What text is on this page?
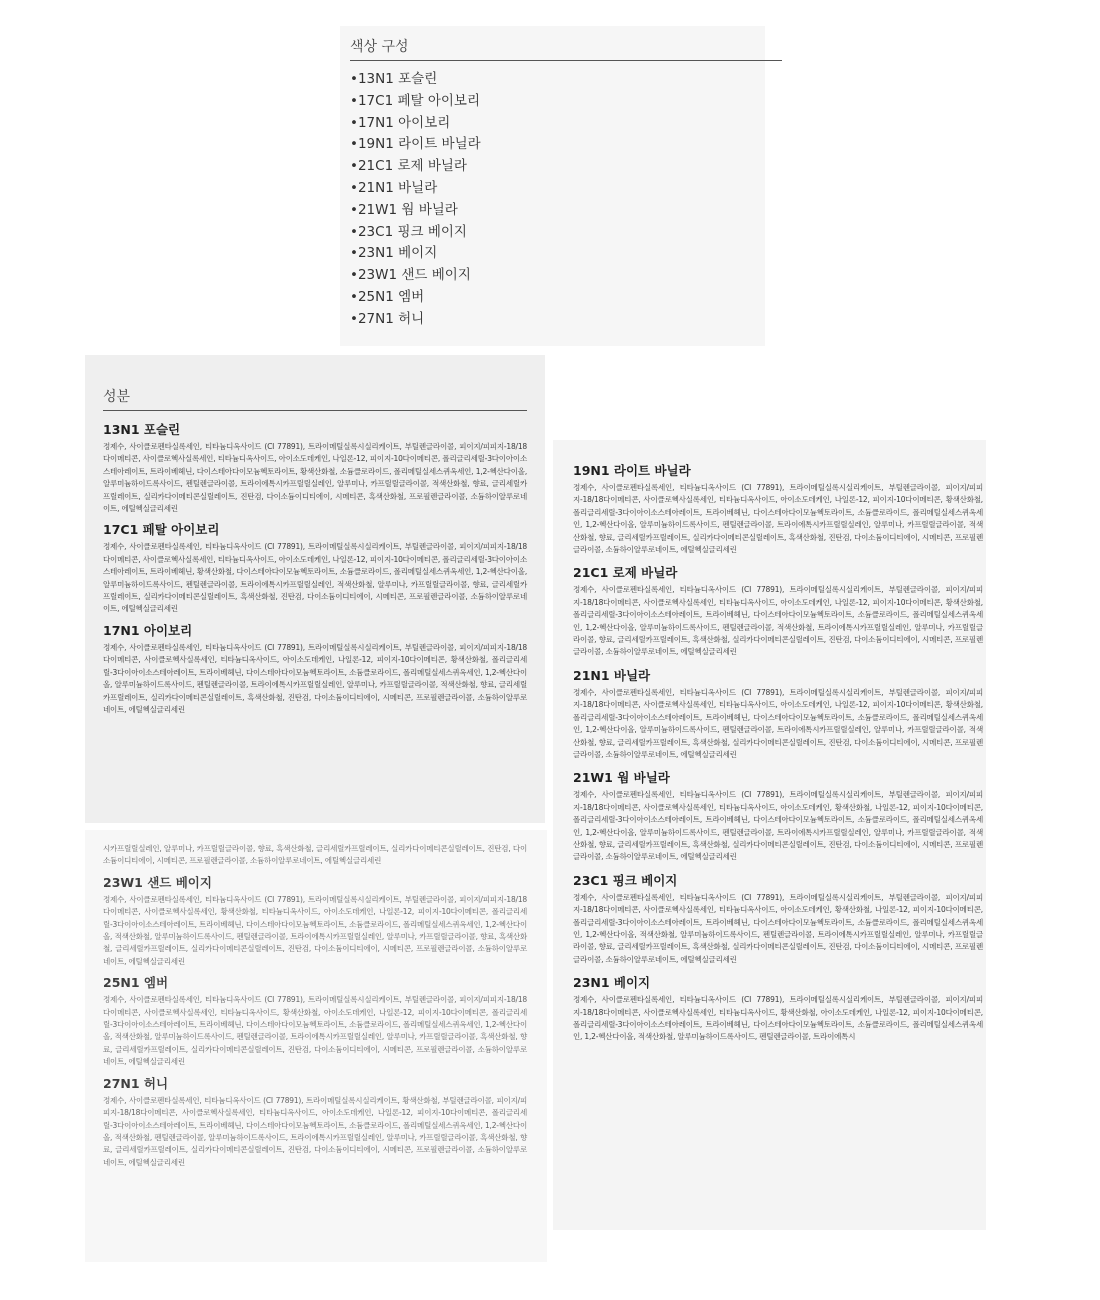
색상 구성
•13N1 포슬린
•17C1 페탈 아이보리
•17N1 아이보리
•19N1 라이트 바닐라
•21C1 로제 바닐라
•21N1 바닐라
•21W1 웜 바닐라
•23C1 핑크 베이지
•23N1 베이지
•23W1 샌드 베이지
•25N1 엠버
•27N1 허니
성분
13N1 포슬린
정제수, 사이클로펜타실록세인, 티타늄디옥사이드 (CI 77891), 트라이메틸실록시실리케이트, 부틸렌글라이콜, 피이지/피피지-18/18다이메티콘, 사이클로헥사실록세인, 티타늄디옥사이드, 아이소도데케인, 나일론-12, 피이지-10다이메티콘, 폴리글리세릴-3다이아이소스테아레이트, 트라이베헤닌, 다이스테아다이모늄헥토라이트, 황색산화철, 소듐클로라이드, 폴리메틸실세스퀴옥세인, 1,2-헥산다이올, 알루미늄하이드록사이드, 펜틸렌글라이콜, 트라이에톡시카프릴릴실레인, 알루미나, 카프릴릴글라이콜, 적색산화철, 향료, 글리세릴카프릴레이트, 실리카다이메티콘실릴레이트, 진탄검, 다이소듐이디티에이, 시메티콘, 흑색산화철, 프로필렌글라이콜, 소듐하이알루로네이트, 에틸헥실글리세린
17C1 페탈 아이보리
정제수, 사이클로펜타실록세인, 티타늄디옥사이드 (CI 77891), 트라이메틸실록시실리케이트, 부틸렌글라이콜, 피이지/피피지-18/18다이메티콘, 사이클로헥사실록세인, 티타늄디옥사이드, 아이소도데케인, 나일론-12, 피이지-10다이메티콘, 폴리글리세릴-3다이아이소스테아레이트, 트라이베헤닌, 황색산화철, 다이스테아다이모늄헥토라이트, 소듐클로라이드, 폴리메틸실세스퀴옥세인, 1,2-헥산다이올, 알루미늄하이드록사이드, 펜틸렌글라이콜, 트라이에톡시카프릴릴실레인, 적색산화철, 알루미나, 카프릴릴글라이콜, 향료, 글리세릴카프릴레이트, 실리카다이메티콘실릴레이트, 흑색산화철, 진탄검, 다이소듐이디티에이, 시메티콘, 프로필렌글라이콜, 소듐하이알루로네이트, 에틸헥실글리세린
17N1 아이보리
정제수, 사이클로펜타실록세인, 티타늄디옥사이드 (CI 77891), 트라이메틸실록시실리케이트, 부틸렌글라이콜, 피이지/피피지-18/18다이메티콘, 사이클로헥사실록세인, 티타늄디옥사이드, 아이소도데케인, 나일론-12, 피이지-10다이메티콘, 황색산화철, 폴리글리세릴-3다이아이소스테아레이트, 트라이베헤닌, 다이스테아다이모늄헥토라이트, 소듐클로라이드, 폴리메틸실세스퀴옥세인, 1,2-헥산다이올, 알루미늄하이드록사이드, 펜틸렌글라이콜, 트라이에톡시카프릴릴실레인, 알루미나, 카프릴릴글라이콜, 적색산화철, 향료, 글리세릴카프릴레이트, 실리카다이메티콘실릴레이트, 흑색산화철, 진탄검, 다이소듐이디티에이, 시메티콘, 프로필렌글라이콜, 소듐하이알루로네이트, 에틸헥실글리세린
19N1 라이트 바닐라
정제수, 사이클로펜타실록세인, 티타늄디옥사이드 (CI 77891), 트라이메틸실록시실리케이트, 부틸렌글라이콜, 피이지/피피지-18/18다이메티콘, 사이클로헥사실록세인, 티타늄디옥사이드, 아이소도데케인, 나일론-12, 피이지-10다이메티콘, 황색산화철, 폴리글리세릴-3다이아이소스테아레이트, 트라이베헤닌, 다이스테아다이모늄헥토라이트, 소듐클로라이드, 폴리메틸실세스퀴옥세인, 1,2-헥산다이올, 알루미늄하이드록사이드, 펜틸렌글라이콜, 트라이에톡시카프릴릴실레인, 알루미나, 카프릴릴글라이콜, 적색산화철, 향료, 글리세릴카프릴레이트, 실리카다이메티콘실릴레이트, 흑색산화철, 진탄검, 다이소듐이디티에이, 시메티콘, 프로필렌글라이콜, 소듐하이알루로네이트, 에틸헥실글리세린
21C1 로제 바닐라
정제수, 사이클로펜타실록세인, 티타늄디옥사이드 (CI 77891), 트라이메틸실록시실리케이트, 부틸렌글라이콜, 피이지/피피지-18/18다이메티콘, 사이클로헥사실록세인, 티타늄디옥사이드, 아이소도데케인, 나일론-12, 피이지-10다이메티콘, 황색산화철, 폴리글리세릴-3다이아이소스테아레이트, 트라이베헤닌, 다이스테아다이모늄헥토라이트, 소듐클로라이드, 폴리메틸실세스퀴옥세인, 1,2-헥산다이올, 알루미늄하이드록사이드, 펜틸렌글라이콜, 적색산화철, 트라이에톡시카프릴릴실레인, 알루미나, 카프릴릴글라이콜, 향료, 글리세릴카프릴레이트, 흑색산화철, 실리카다이메티콘실릴레이트, 진탄검, 다이소듐이디티에이, 시메티콘, 프로필렌글라이콜, 소듐하이알루로네이트, 에틸헥실글리세린
21N1 바닐라
정제수, 사이클로펜타실록세인, 티타늄디옥사이드 (CI 77891), 트라이메틸실록시실리케이트, 부틸렌글라이콜, 피이지/피피지-18/18다이메티콘, 사이클로헥사실록세인, 티타늄디옥사이드, 아이소도데케인, 나일론-12, 피이지-10다이메티콘, 황색산화철, 폴리글리세릴-3다이아이소스테아레이트, 트라이베헤닌, 다이스테아다이모늄헥토라이트, 소듐클로라이드, 폴리메틸실세스퀴옥세인, 1,2-헥산다이올, 알루미늄하이드록사이드, 펜틸렌글라이콜, 트라이에톡시카프릴릴실레인, 알루미나, 카프릴릴글라이콜, 적색산화철, 향료, 글리세릴카프릴레이트, 흑색산화철, 실리카다이메티콘실릴레이트, 진탄검, 다이소듐이디티에이, 시메티콘, 프로필렌글라이콜, 소듐하이알루로네이트, 에틸헥실글리세린
21W1 웜 바닐라
정제수, 사이클로펜타실록세인, 티타늄디옥사이드 (CI 77891), 트라이메틸실록시실리케이트, 부틸렌글라이콜, 피이지/피피지-18/18다이메티콘, 사이클로헥사실록세인, 티타늄디옥사이드, 아이소도데케인, 황색산화철, 나일론-12, 피이지-10다이메티콘, 폴리글리세릴-3다이아이소스테아레이트, 트라이베헤닌, 다이스테아다이모늄헥토라이트, 소듐클로라이드, 폴리메틸실세스퀴옥세인, 1,2-헥산다이올, 알루미늄하이드록사이드, 펜틸렌글라이콜, 트라이에톡시카프릴릴실레인, 알루미나, 카프릴릴글라이콜, 적색산화철, 향료, 글리세릴카프릴레이트, 흑색산화철, 실리카다이메티콘실릴레이트, 진탄검, 다이소듐이디티에이, 시메티콘, 프로필렌글라이콜, 소듐하이알루로네이트, 에틸헥실글리세린
23C1 핑크 베이지
정제수, 사이클로펜타실록세인, 티타늄디옥사이드 (CI 77891), 트라이메틸실록시실리케이트, 부틸렌글라이콜, 피이지/피피지-18/18다이메티콘, 사이클로헥사실록세인, 티타늄디옥사이드, 아이소도데케인, 황색산화철, 나일론-12, 피이지-10다이메티콘, 폴리글리세릴-3다이아이소스테아레이트, 트라이베헤닌, 다이스테아다이모늄헥토라이트, 소듐클로라이드, 폴리메틸실세스퀴옥세인, 1,2-헥산다이올, 적색산화철, 알루미늄하이드록사이드, 펜틸렌글라이콜, 트라이에톡시카프릴릴실레인, 알루미나, 카프릴릴글라이콜, 향료, 글리세릴카프릴레이트, 흑색산화철, 실리카다이메티콘실릴레이트, 진탄검, 다이소듐이디티에이, 시메티콘, 프로필렌글라이콜, 소듐하이알루로네이트, 에틸헥실글리세린
23N1 베이지
정제수, 사이클로펜타실록세인, 티타늄디옥사이드 (CI 77891), 트라이메틸실록시실리케이트, 부틸렌글라이콜, 피이지/피피지-18/18다이메티콘, 사이클로헥사실록세인, 티타늄디옥사이드, 황색산화철, 아이소도데케인, 나일론-12, 피이지-10다이메티콘, 폴리글리세릴-3다이아이소스테아레이트, 트라이베헤닌, 다이스테아다이모늄헥토라이트, 소듐클로라이드, 폴리메틸실세스퀴옥세인, 1,2-헥산다이올, 적색산화철, 알루미늄하이드록사이드, 펜틸렌글라이콜, 트라이에톡시
시카프릴릴실레인, 알루미나, 카프릴릴글라이콜, 향료, 흑색산화철, 글리세릴카프릴레이트, 실리카다이메티콘실릴레이트, 진탄검, 다이소듐이디티에이, 시메티콘, 프로필렌글라이콜, 소듐하이알루로네이트, 에틸헥실글리세린
23W1 샌드 베이지
정제수, 사이클로펜타실록세인, 티타늄디옥사이드 (CI 77891), 트라이메틸실록시실리케이트, 부틸렌글라이콜, 피이지/피피지-18/18다이메티콘, 사이클로헥사실록세인, 황색산화철, 티타늄디옥사이드, 아이소도데케인, 나일론-12, 피이지-10다이메티콘, 폴리글리세릴-3다이아이소스테아레이트, 트라이베헤닌, 다이스테아다이모늄헥토라이트, 소듐클로라이드, 폴리메틸실세스퀴옥세인, 1,2-헥산다이올, 적색산화철, 알루미늄하이드록사이드, 펜틸렌글라이콜, 트라이에톡시카프릴릴실레인, 알루미나, 카프릴릴글라이콜, 향료, 흑색산화철, 글리세릴카프릴레이트, 실리카다이메티콘실릴레이트, 진탄검, 다이소듐이디티에이, 시메티콘, 프로필렌글라이콜, 소듐하이알루로네이트, 에틸헥실글리세린
25N1 엠버
정제수, 사이클로펜타실록세인, 티타늄디옥사이드 (CI 77891), 트라이메틸실록시실리케이트, 부틸렌글라이콜, 피이지/피피지-18/18다이메티콘, 사이클로헥사실록세인, 티타늄디옥사이드, 황색산화철, 아이소도데케인, 나일론-12, 피이지-10다이메티콘, 폴리글리세릴-3다이아이소스테아레이트, 트라이베헤닌, 다이스테아다이모늄헥토라이트, 소듐클로라이드, 폴리메틸실세스퀴옥세인, 1,2-헥산다이올, 적색산화철, 알루미늄하이드록사이드, 펜틸렌글라이콜, 트라이에톡시카프릴릴실레인, 알루미나, 카프릴릴글라이콜, 흑색산화철, 향료, 글리세릴카프릴레이트, 실리카다이메티콘실릴레이트, 진탄검, 다이소듐이디티에이, 시메티콘, 프로필렌글라이콜, 소듐하이알루로네이트, 에틸헥실글리세린
27N1 허니
정제수, 사이클로펜타실록세인, 티타늄디옥사이드 (CI 77891), 트라이메틸실록시실리케이트, 황색산화철, 부틸렌글라이콜, 피이지/피피지-18/18다이메티콘, 사이클로헥사실록세인, 티타늄디옥사이드, 아이소도데케인, 나일론-12, 피이지-10다이메티콘, 폴리글리세릴-3다이아이소스테아레이트, 트라이베헤닌, 다이스테아다이모늄헥토라이트, 소듐클로라이드, 폴리메틸실세스퀴옥세인, 1,2-헥산다이올, 적색산화철, 펜틸렌글라이콜, 알루미늄하이드록사이드, 트라이에톡시카프릴릴실레인, 알루미나, 카프릴릴글라이콜, 흑색산화철, 향료, 글리세릴카프릴레이트, 실리카다이메티콘실릴레이트, 진탄검, 다이소듐이디티에이, 시메티콘, 프로필렌글라이콜, 소듐하이알루로네이트, 에틸헥실글리세린
